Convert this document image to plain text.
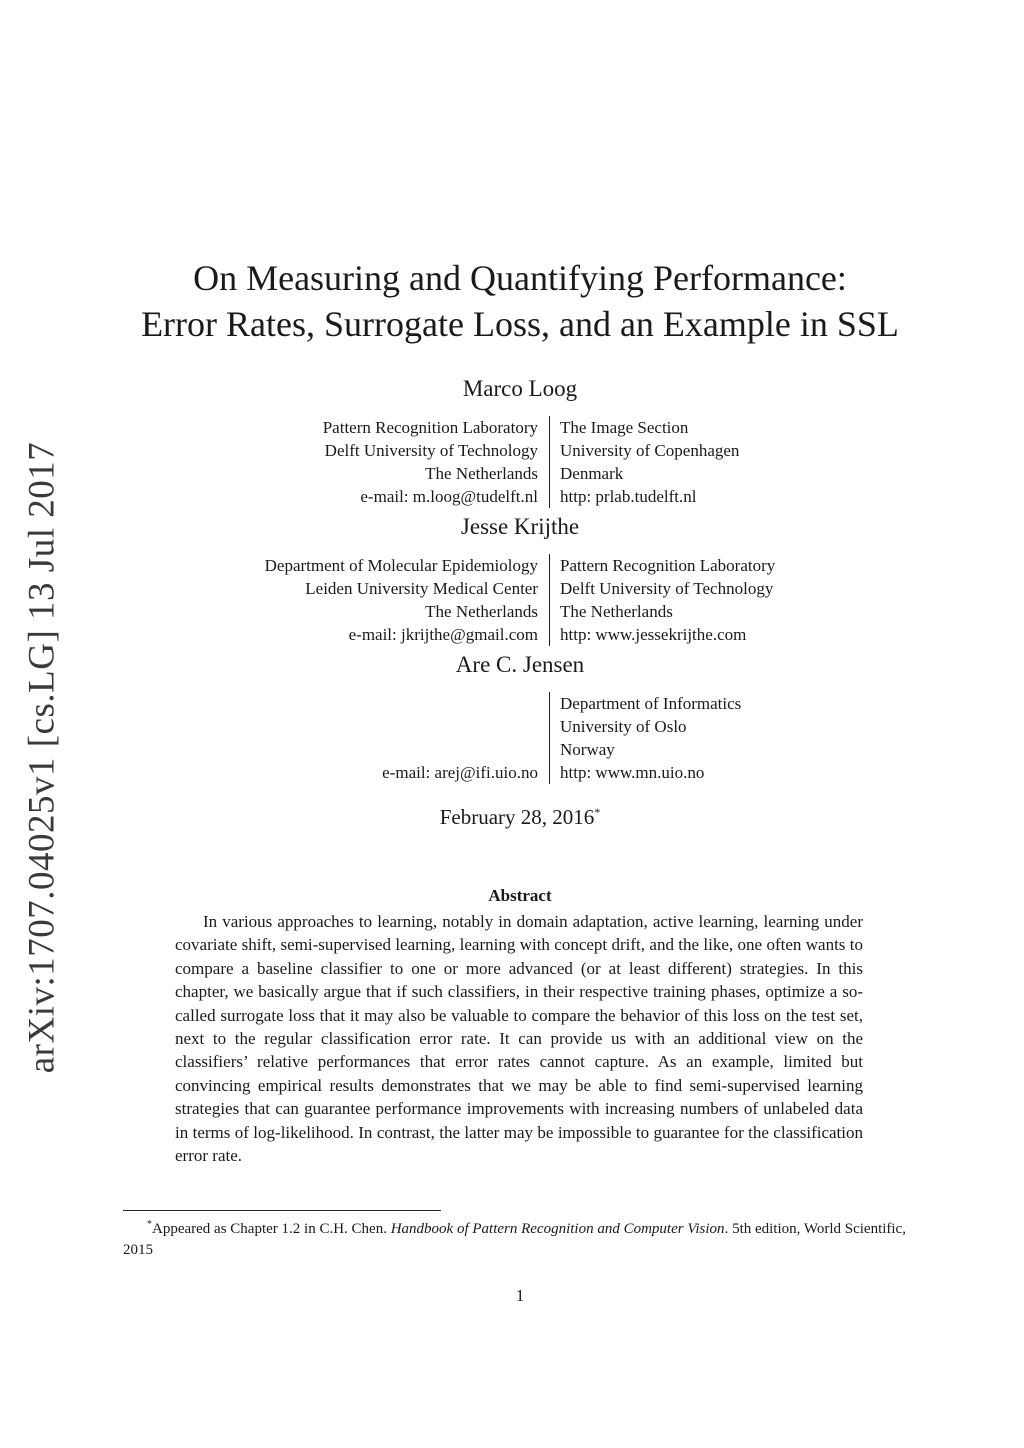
arXiv:1707.04025v1 [cs.LG] 13 Jul 2017
On Measuring and Quantifying Performance:
Error Rates, Surrogate Loss, and an Example in SSL
Marco Loog
Pattern Recognition Laboratory
Delft University of Technology
The Netherlands
e-mail: m.loog@tudelft.nl
The Image Section
University of Copenhagen
Denmark
http: prlab.tudelft.nl
Jesse Krijthe
Department of Molecular Epidemiology
Leiden University Medical Center
The Netherlands
e-mail: jkrijthe@gmail.com
Pattern Recognition Laboratory
Delft University of Technology
The Netherlands
http: www.jessekrijthe.com
Are C. Jensen
e-mail: arej@ifi.uio.no
Department of Informatics
University of Oslo
Norway
http: www.mn.uio.no
February 28, 2016*
Abstract

In various approaches to learning, notably in domain adaptation, active learning, learning under covariate shift, semi-supervised learning, learning with concept drift, and the like, one often wants to compare a baseline classifier to one or more advanced (or at least different) strategies. In this chapter, we basically argue that if such classifiers, in their respective training phases, optimize a so-called surrogate loss that it may also be valuable to compare the behavior of this loss on the test set, next to the regular classification error rate. It can provide us with an additional view on the classifiers’ relative performances that error rates cannot capture. As an example, limited but convincing empirical results demonstrates that we may be able to find semi-supervised learning strategies that can guarantee performance improvements with increasing numbers of unlabeled data in terms of log-likelihood. In contrast, the latter may be impossible to guarantee for the classification error rate.

*Appeared as Chapter 1.2 in C.H. Chen. Handbook of Pattern Recognition and Computer Vision. 5th edition, World Scientific, 2015

1
